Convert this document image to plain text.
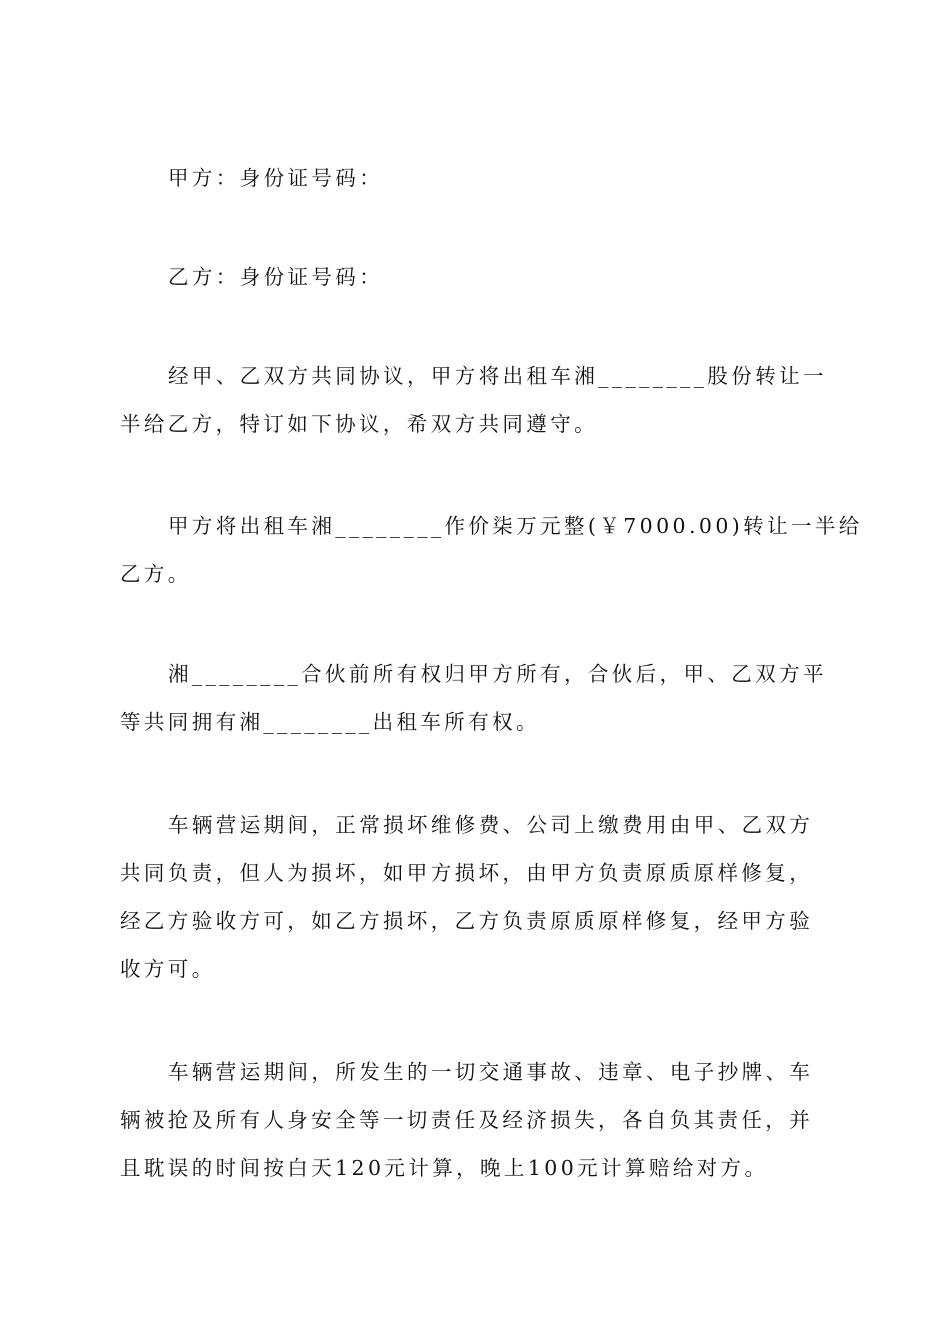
甲方：身份证号码：
乙方：身份证号码：
经甲、乙双方共同协议，甲方将出租车湘________股份转让一
半给乙方，特订如下协议，希双方共同遵守。
甲方将出租车湘________作价柒万元整(￥7000.00)转让一半给
乙方。
湘________合伙前所有权归甲方所有，合伙后，甲、乙双方平
等共同拥有湘________出租车所有权。
车辆营运期间，正常损坏维修费、公司上缴费用由甲、乙双方
共同负责，但人为损坏，如甲方损坏，由甲方负责原质原样修复，
经乙方验收方可，如乙方损坏，乙方负责原质原样修复，经甲方验
收方可。
车辆营运期间，所发生的一切交通事故、违章、电子抄牌、车
辆被抢及所有人身安全等一切责任及经济损失，各自负其责任，并
且耽误的时间按白天120元计算，晚上100元计算赔给对方。
